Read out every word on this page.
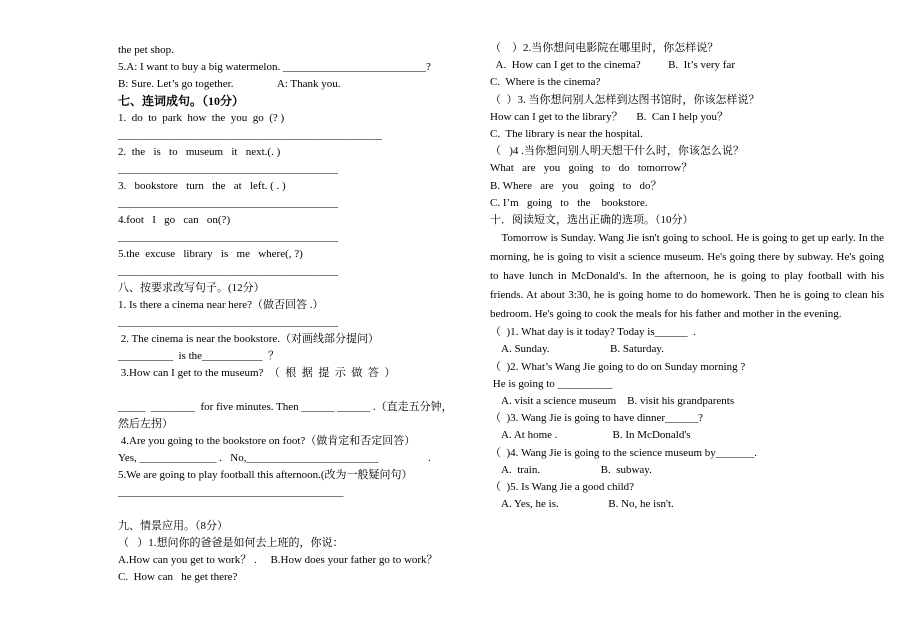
the pet shop.
5.A: I want to buy a big watermelon. __________________________?
B: Sure. Let’s go together.                A: Thank you.
七、连词成句。（10分）
1.  do  to  park  how  the  you  go  (? )
________________________________________________
2.  the   is   to   museum   it   next.(. )
________________________________________
3.   bookstore   turn   the   at   left. ( . )
________________________________________
4.foot   I   go   can   on(?)
________________________________________
5.the  excuse   library   is   me   where(, ?)
________________________________________
八、按要求改写句子。(12分）
1. Is there a cinema near here?（做否回答 .）
________________________________________
2. The cinema is near the bookstore.（对画线部分提问）
__________  is the___________  ？
3.How can I get to the museum?  （  根  据  提  示  做  答  ）
_____  ________  for five minutes. Then ______ ______ .（直走五分钟，
然后左拐）
4.Are you going to the bookstore on foot?（做肯定和否定回答）
Yes, ______________ .   No,________________________                  .
5.We are going to play football this afternoon.(改为一般疑问句）
_________________________________________
九、情景应用。（8分）
（   ）1.想问你的爸爸是如何去上班的，你说：
A.How can you get to work？ .     B.How does your father go to work？
C.  How can   he get there?
（    ）2.当你想问电影院在哪里时，你怎样说？
A.  How can I get to the cinema?          B.  It’s very far
C.  Where is the cinema?
（  ）3. 当你想问别人怎样到达图书馆时，你该怎样说？
How can I get to the library？     B.  Can I help you？
C.  The library is near the hospital.
（   )4 .当你想问别人明天想干什么时，你该怎么说？
What   are   you   going   to   do   tomorrow？
B. Where   are   you    going   to   do？
C. I’m   going   to   the    bookstore.
十．阅读短文，选出正确的选项。（10分）
Tomorrow is Sunday. Wang Jie isn't going to school. He is going to get up early. In the morning, he is going to visit a science museum. He's going there by subway. He's going to have lunch in McDonald's. In the afternoon, he is going to play football with his friends. At about 3:30, he is going home to do homework. Then he is going to clean his bedroom. He's going to cook the meals for his father and mother in the evening.
（  )1. What day is it today? Today is______  .
A. Sunday.                      B. Saturday.
（  )2. What’s Wang Jie going to do on Sunday morning ?
He is going to __________
A. visit a science museum    B. visit his grandparents
（  )3. Wang Jie is going to have dinner______?
A. At home .                    B. In McDonald's
（  )4. Wang Jie is going to the science museum by_______.
A.  train.                      B.  subway.
（  )5. Is Wang Jie a good child?
A. Yes, he is.                  B. No, he isn't.
